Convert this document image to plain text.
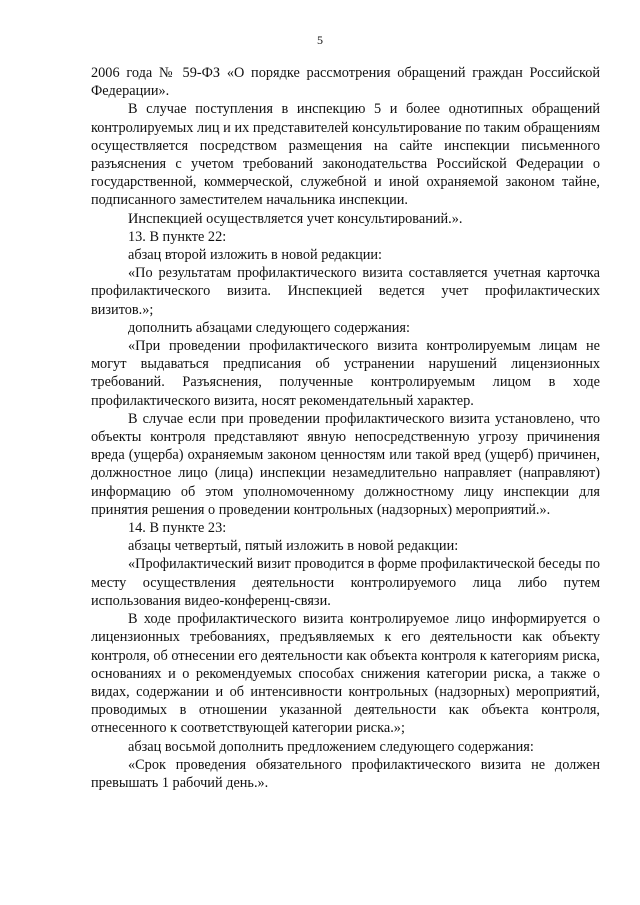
5

2006 года № 59-ФЗ «О порядке рассмотрения обращений граждан Российской Федерации».

В случае поступления в инспекцию 5 и более однотипных обращений контролируемых лиц и их представителей консультирование по таким обращениям осуществляется посредством размещения на сайте инспекции письменного разъяснения с учетом требований законодательства Российской Федерации о государственной, коммерческой, служебной и иной охраняемой законом тайне, подписанного заместителем начальника инспекции.

Инспекцией осуществляется учет консультирований.».

13. В пункте 22:

абзац второй изложить в новой редакции:

«По результатам профилактического визита составляется учетная карточка профилактического визита. Инспекцией ведется учет профилактических визитов.»;

дополнить абзацами следующего содержания:

«При проведении профилактического визита контролируемым лицам не могут выдаваться предписания об устранении нарушений лицензионных требований. Разъяснения, полученные контролируемым лицом в ходе профилактического визита, носят рекомендательный характер.

В случае если при проведении профилактического визита установлено, что объекты контроля представляют явную непосредственную угрозу причинения вреда (ущерба) охраняемым законом ценностям или такой вред (ущерб) причинен, должностное лицо (лица) инспекции незамедлительно направляет (направляют) информацию об этом уполномоченному должностному лицу инспекции для принятия решения о проведении контрольных (надзорных) мероприятий.».

14. В пункте 23:

абзацы четвертый, пятый изложить в новой редакции:

«Профилактический визит проводится в форме профилактической беседы по месту осуществления деятельности контролируемого лица либо путем использования видео-конференц-связи.

В ходе профилактического визита контролируемое лицо информируется о лицензионных требованиях, предъявляемых к его деятельности как объекту контроля, об отнесении его деятельности как объекта контроля к категориям риска, основаниях и о рекомендуемых способах снижения категории риска, а также о видах, содержании и об интенсивности контрольных (надзорных) мероприятий, проводимых в отношении указанной деятельности как объекта контроля, отнесенного к соответствующей категории риска.»;

абзац восьмой дополнить предложением следующего содержания:

«Срок проведения обязательного профилактического визита не должен превышать 1 рабочий день.».
